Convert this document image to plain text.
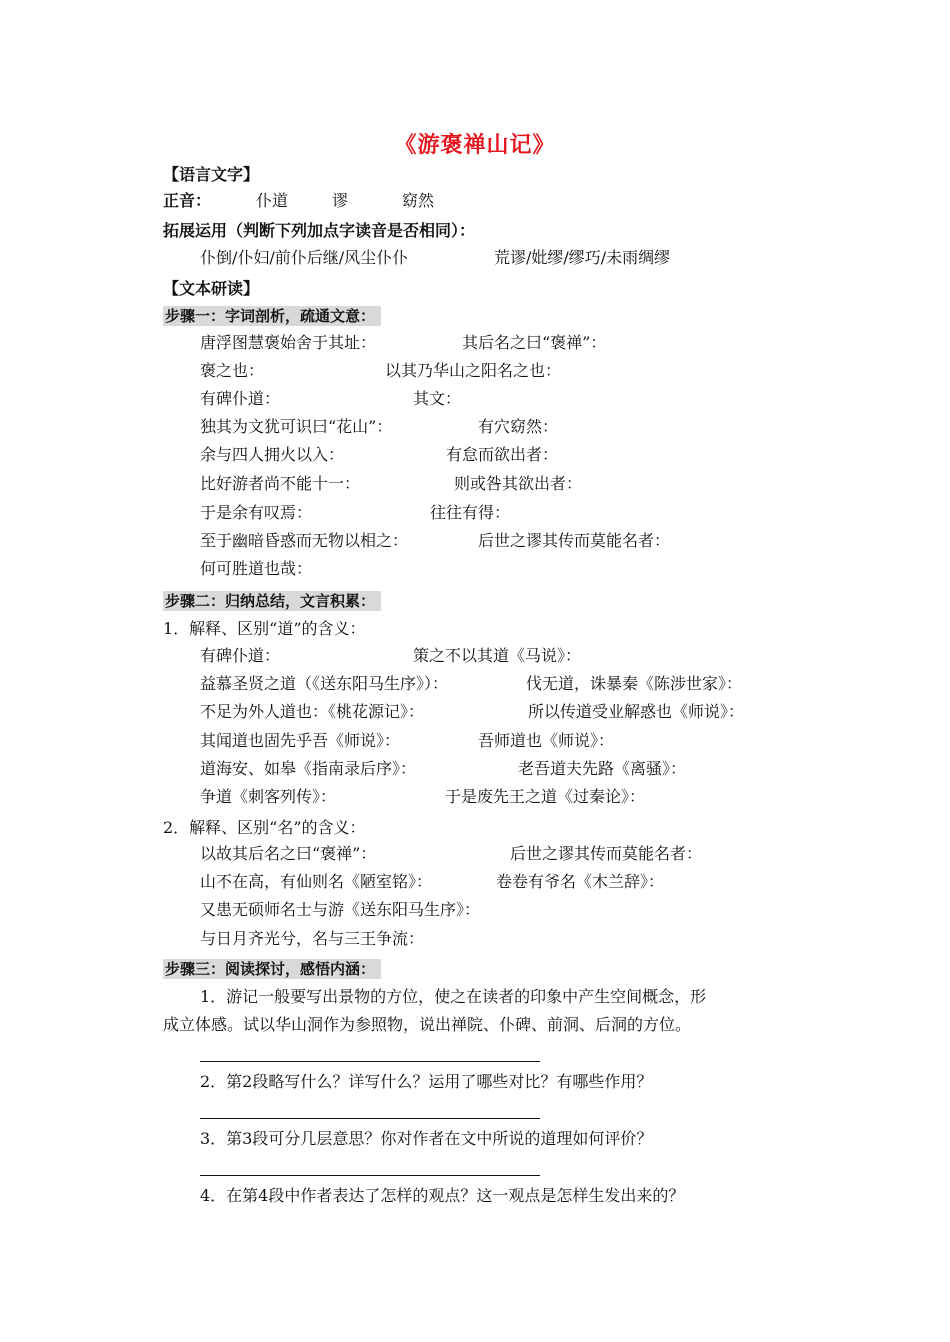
《游褒禅山记》
【语言文字】
正音：	仆道	谬	窈然
拓展运用（判断下列加点字读音是否相同）：
仆倒/仆妇/前仆后继/风尘仆仆	荒谬/妣缪/缪巧/未雨绸缪
【文本研读】
步骤一：字词剖析，疏通文意：
唐浮图慧褒始舍于其址：	其后名之曰“褒禅”：
褒之也：	以其乃华山之阳名之也：
有碑仆道：	其文：
独其为文犹可识曰“花山”：	有穴窈然：
余与四人拥火以入：	有怠而欲出者：
比好游者尚不能十一：	则或咎其欲出者：
于是余有叹焉：	往往有得：
至于幽暗昏惑而无物以相之：	后世之谬其传而莫能名者：
何可胜道也哉：
步骤二：归纳总结，文言积累：
1．解释、区别“道”的含义：
有碑仆道：	策之不以其道《马说》：
益慕圣贤之道（《送东阳马生序》）：	伐无道，诛暴秦《陈涉世家》：
不足为外人道也：《桃花源记》：	所以传道受业解惑也《师说》：
其闻道也固先乎吾《师说》：	吾师道也《师说》：
道海安、如皋《指南录后序》：	老吾道夫先路《离骚》：
争道《刺客列传》：	于是废先王之道《过秦论》：
2．解释、区别“名”的含义：
以故其后名之曰“褒禅”：	后世之谬其传而莫能名者：
山不在高，有仙则名《陋室铭》：	卷卷有爷名《木兰辞》：
又患无硕师名士与游《送东阳马生序》：
与日月齐光兮，名与三王争流：
步骤三：阅读探讨，感悟内涵：
1．游记一般要写出景物的方位，使之在读者的印象中产生空间概念，形
成立体感。试以华山洞作为参照物，说出禅院、仆碑、前洞、后洞的方位。
2．第2段略写什么？详写什么？运用了哪些对比？有哪些作用？
3．第3段可分几层意思？你对作者在文中所说的道理如何评价？
4．在第4段中作者表达了怎样的观点？这一观点是怎样生发出来的？
